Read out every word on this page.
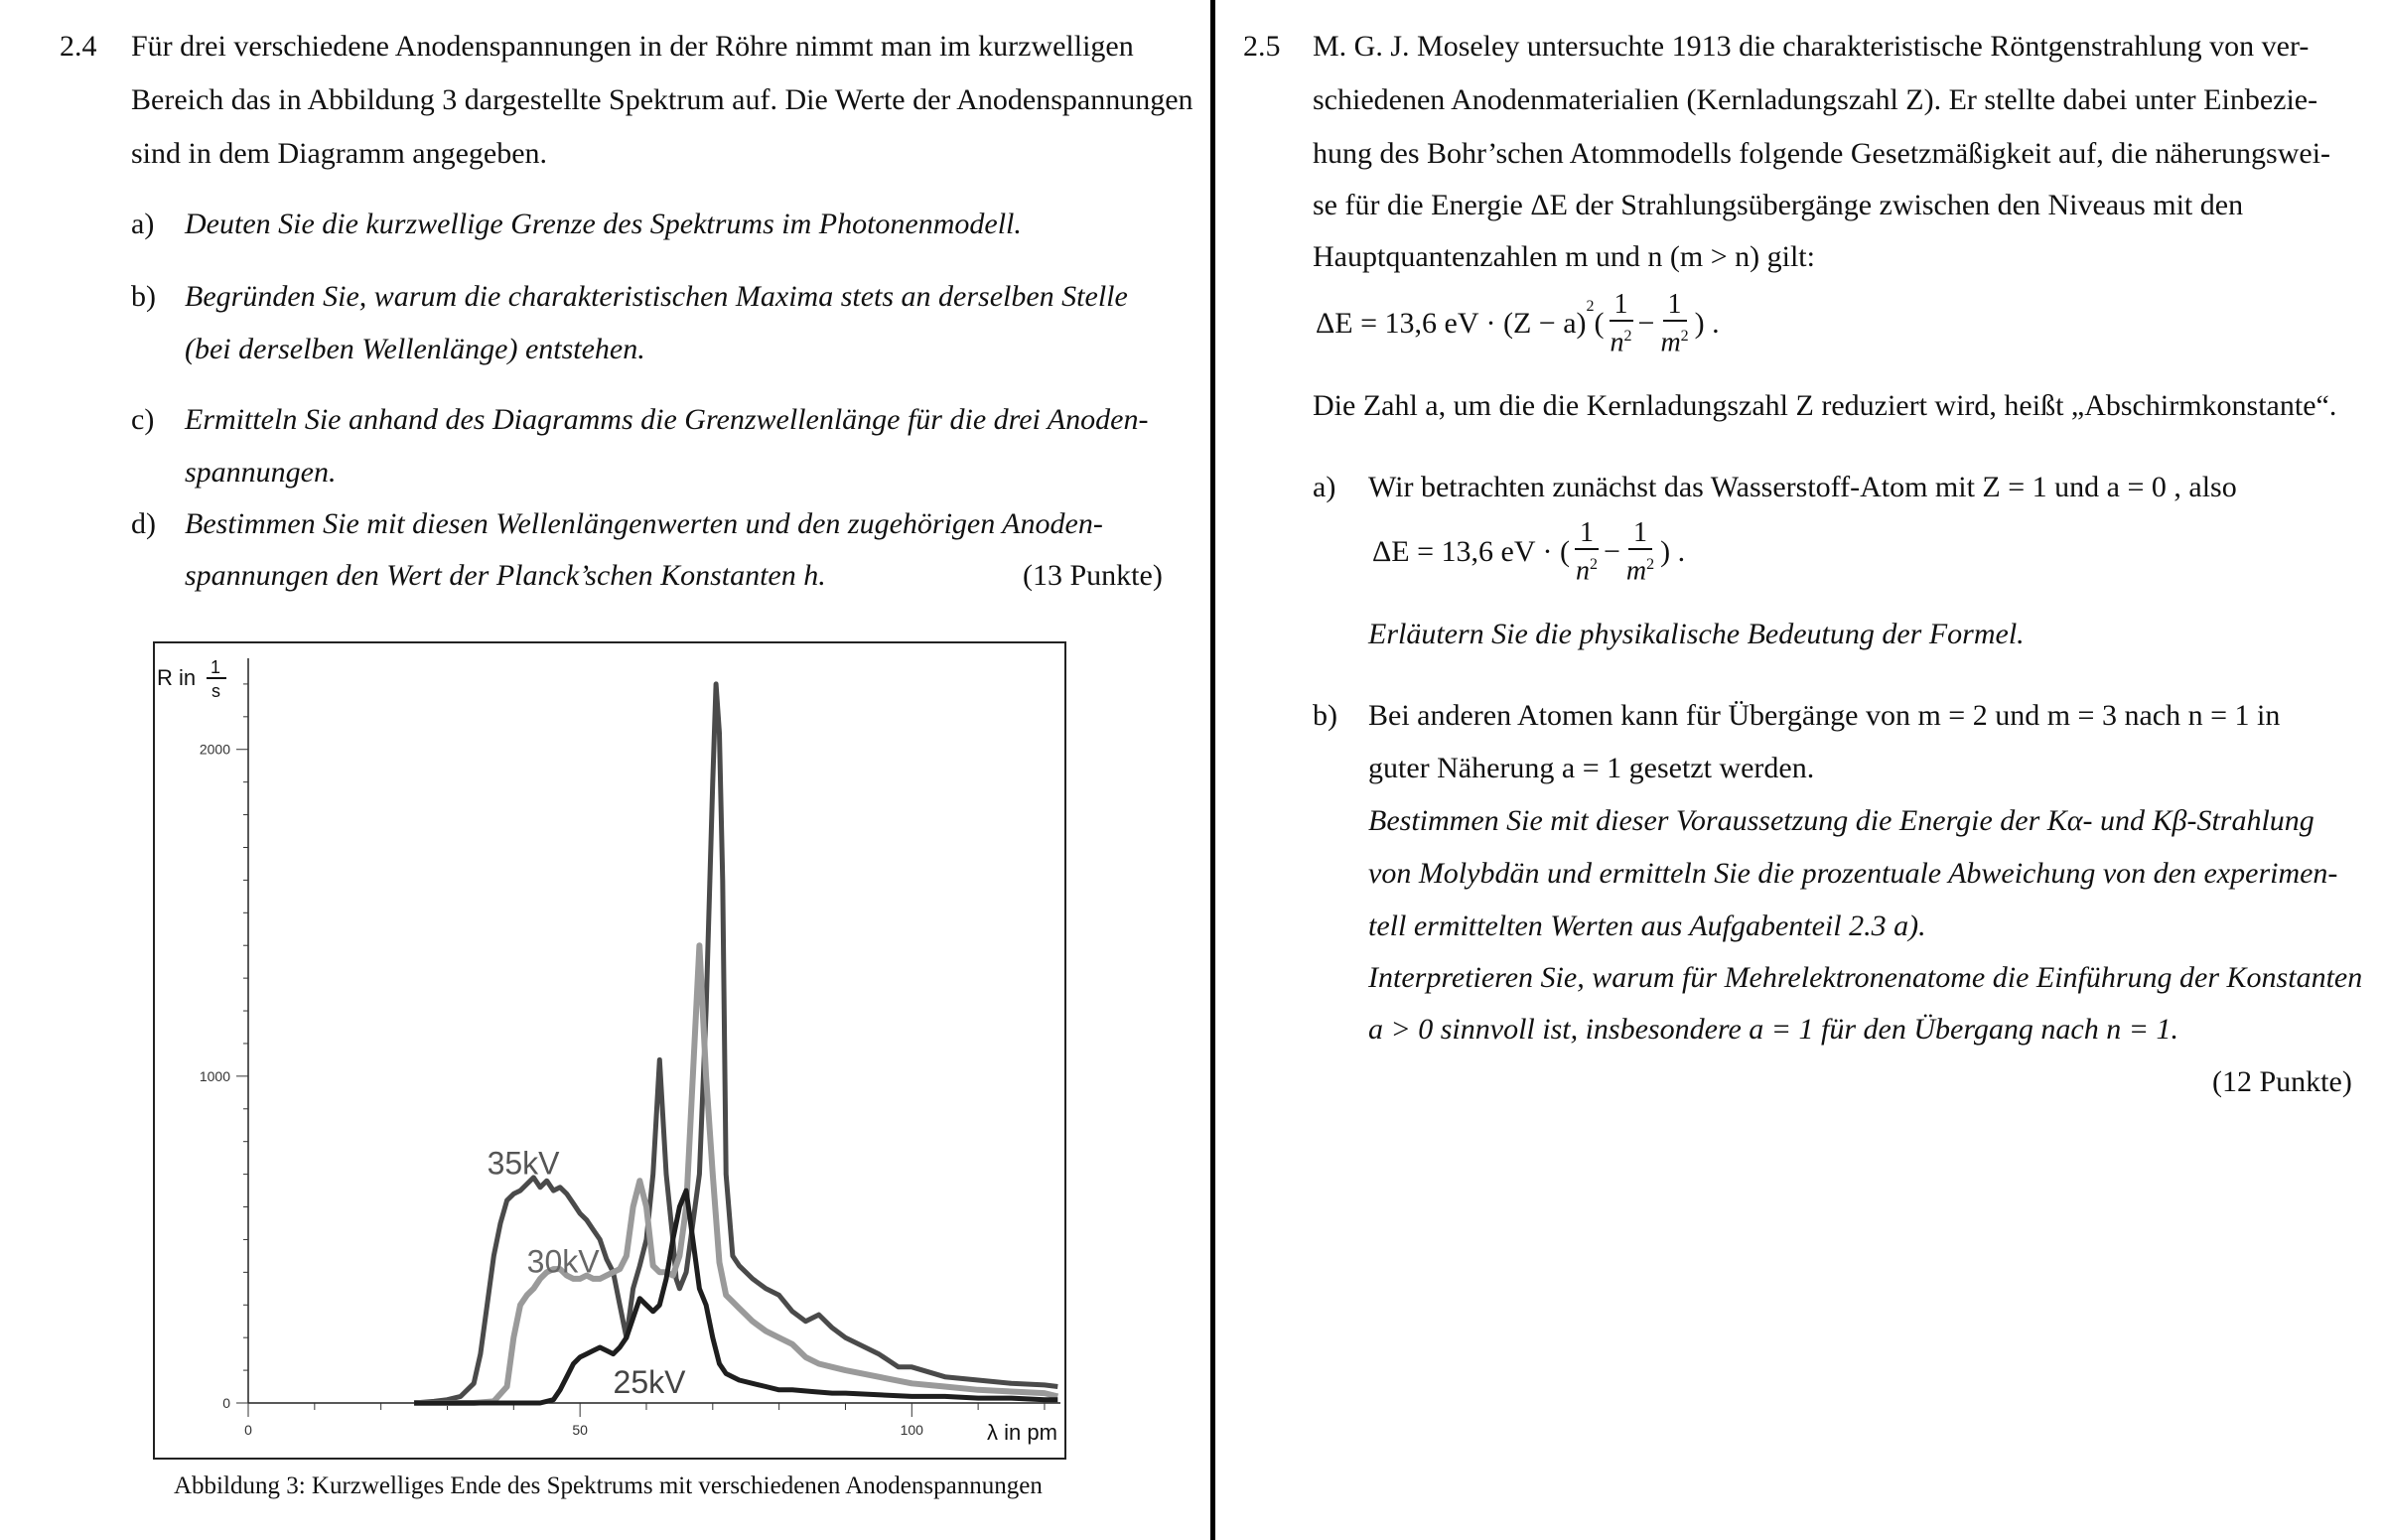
2.4 Für drei verschiedene Anodenspannungen in der Röhre nimmt man im kurzwelligen
Bereich das in Abbildung 3 dargestellte Spektrum auf. Die Werte der Anodenspannungen
sind in dem Diagramm angegeben.
a) Deuten Sie die kurzwellige Grenze des Spektrums im Photonenmodell.
b) Begründen Sie, warum die charakteristischen Maxima stets an derselben Stelle
(bei derselben Wellenlänge) entstehen.
c) Ermitteln Sie anhand des Diagramms die Grenzwellenlänge für die drei Anoden-
spannungen.
d) Bestimmen Sie mit diesen Wellenlängenwerten und den zugehörigen Anoden-
spannungen den Wert der Planck’schen Konstanten h.	(13 Punkte)
R in 1
s
λ in pm
0
1000
2000
0	50	100
35kV
30kV
25kV
Abbildung 3: Kurzwelliges Ende des Spektrums mit verschiedenen Anodenspannungen
2.5 M. G. J. Moseley untersuchte 1913 die charakteristische Röntgenstrahlung von ver-
schiedenen Anodenmaterialien (Kernladungszahl Z). Er stellte dabei unter Einbezie-
hung des Bohr’schen Atommodells folgende Gesetzmäßigkeit auf, die näherungswei-
se für die Energie ΔE der Strahlungsübergänge zwischen den Niveaus mit den
Hauptquantenzahlen m und n (m > n) gilt:
ΔE = 13,6 eV · (Z − a)
$^2$
( $\frac{1}{n^2} - \frac{1}{m^2}$ ) .
Die Zahl a, um die die Kernladungszahl Z reduziert wird, heißt „Abschirmkonstante“.
a) Wir betrachten zunächst das Wasserstoff-Atom mit Z = 1 und a = 0 , also
ΔE = 13,6 eV · ( $\frac{1}{n^2} - \frac{1}{m^2}$ ) .
Erläutern Sie die physikalische Bedeutung der Formel.
b) Bei anderen Atomen kann für Übergänge von m = 2 und m = 3 nach n = 1 in
guter Näherung a = 1 gesetzt werden.
Bestimmen Sie mit dieser Voraussetzung die Energie der Kα- und Kβ-Strahlung
von Molybdän und ermitteln Sie die prozentuale Abweichung von den experimen-
tell ermittelten Werten aus Aufgabenteil 2.3 a).
Interpretieren Sie, warum für Mehrelektronenatome die Einführung der Konstanten
a > 0 sinnvoll ist, insbesondere a = 1 für den Übergang nach n = 1.
(12 Punkte)
